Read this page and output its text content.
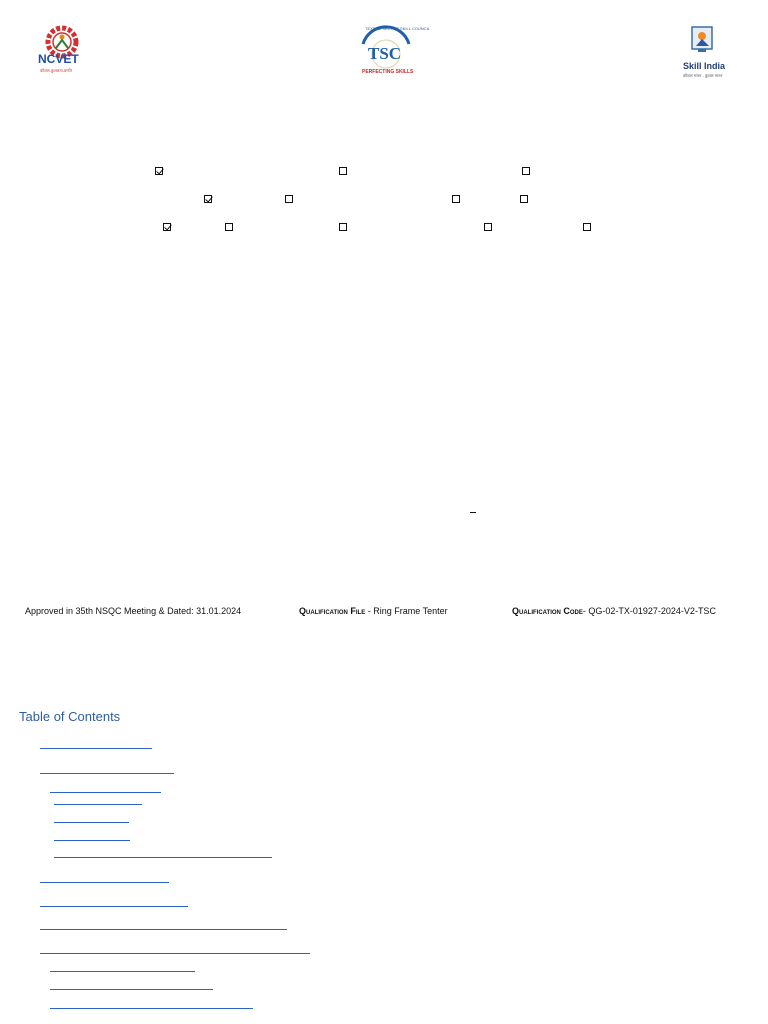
NCVET
कौशल-कुशलता-प्रगति
TEXTILE SECTOR SKILL COUNCIL
TSC
PERFECTING SKILLS
Skill India
कौशल भारत - कुशल भारत
Approved in 35th NSQC Meeting & Dated: 31.01.2024	Qualification File - Ring Frame Tenter	Qualification Code- QG-02-TX-01927-2024-V2-TSC
Table of Contents
